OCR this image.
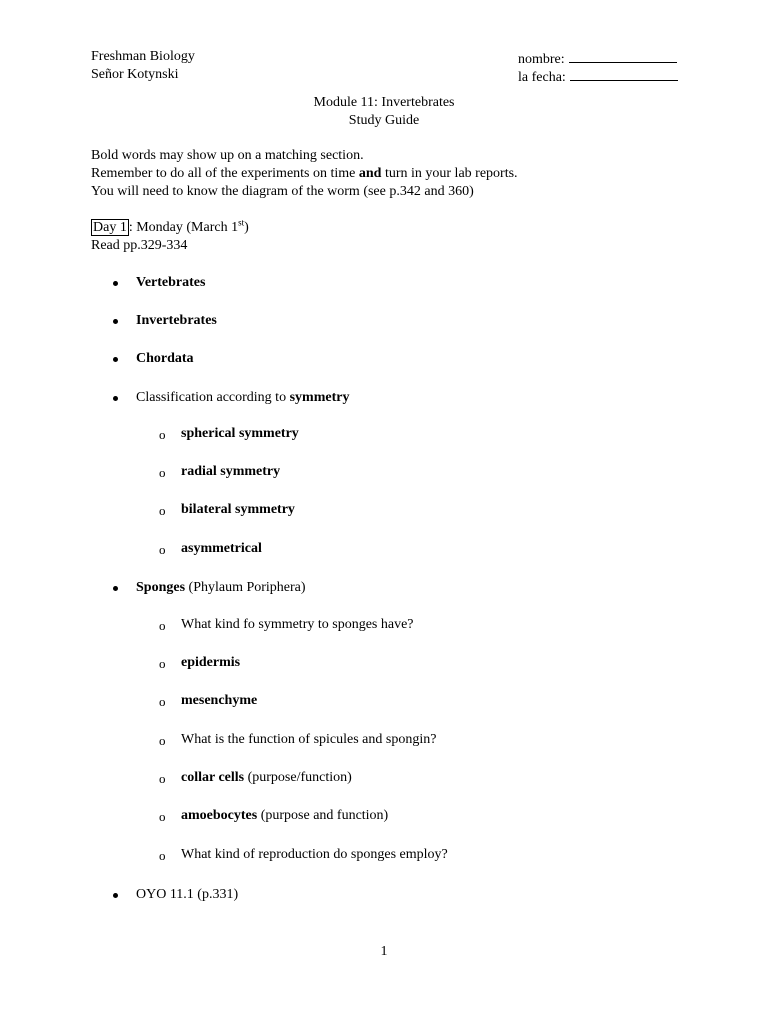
Freshman Biology
Señor Kotynski
nombre:
la fecha:
Module 11: Invertebrates
Study Guide
Bold words may show up on a matching section.
Remember to do all of the experiments on time and turn in your lab reports.
You will need to know the diagram of the worm (see p.342 and 360)
Day 1 : Monday (March 1st)
Read pp.329-334
Vertebrates
Invertebrates
Chordata
Classification according to symmetry
o spherical symmetry
o radial symmetry
o bilateral symmetry
o asymmetrical
Sponges (Phylaum Poriphera)
o What kind fo symmetry to sponges have?
o epidermis
o mesenchyme
o What is the function of spicules and spongin?
o collar cells (purpose/function)
o amoebocytes (purpose and function)
o What kind of reproduction do sponges employ?
OYO 11.1 (p.331)
1
